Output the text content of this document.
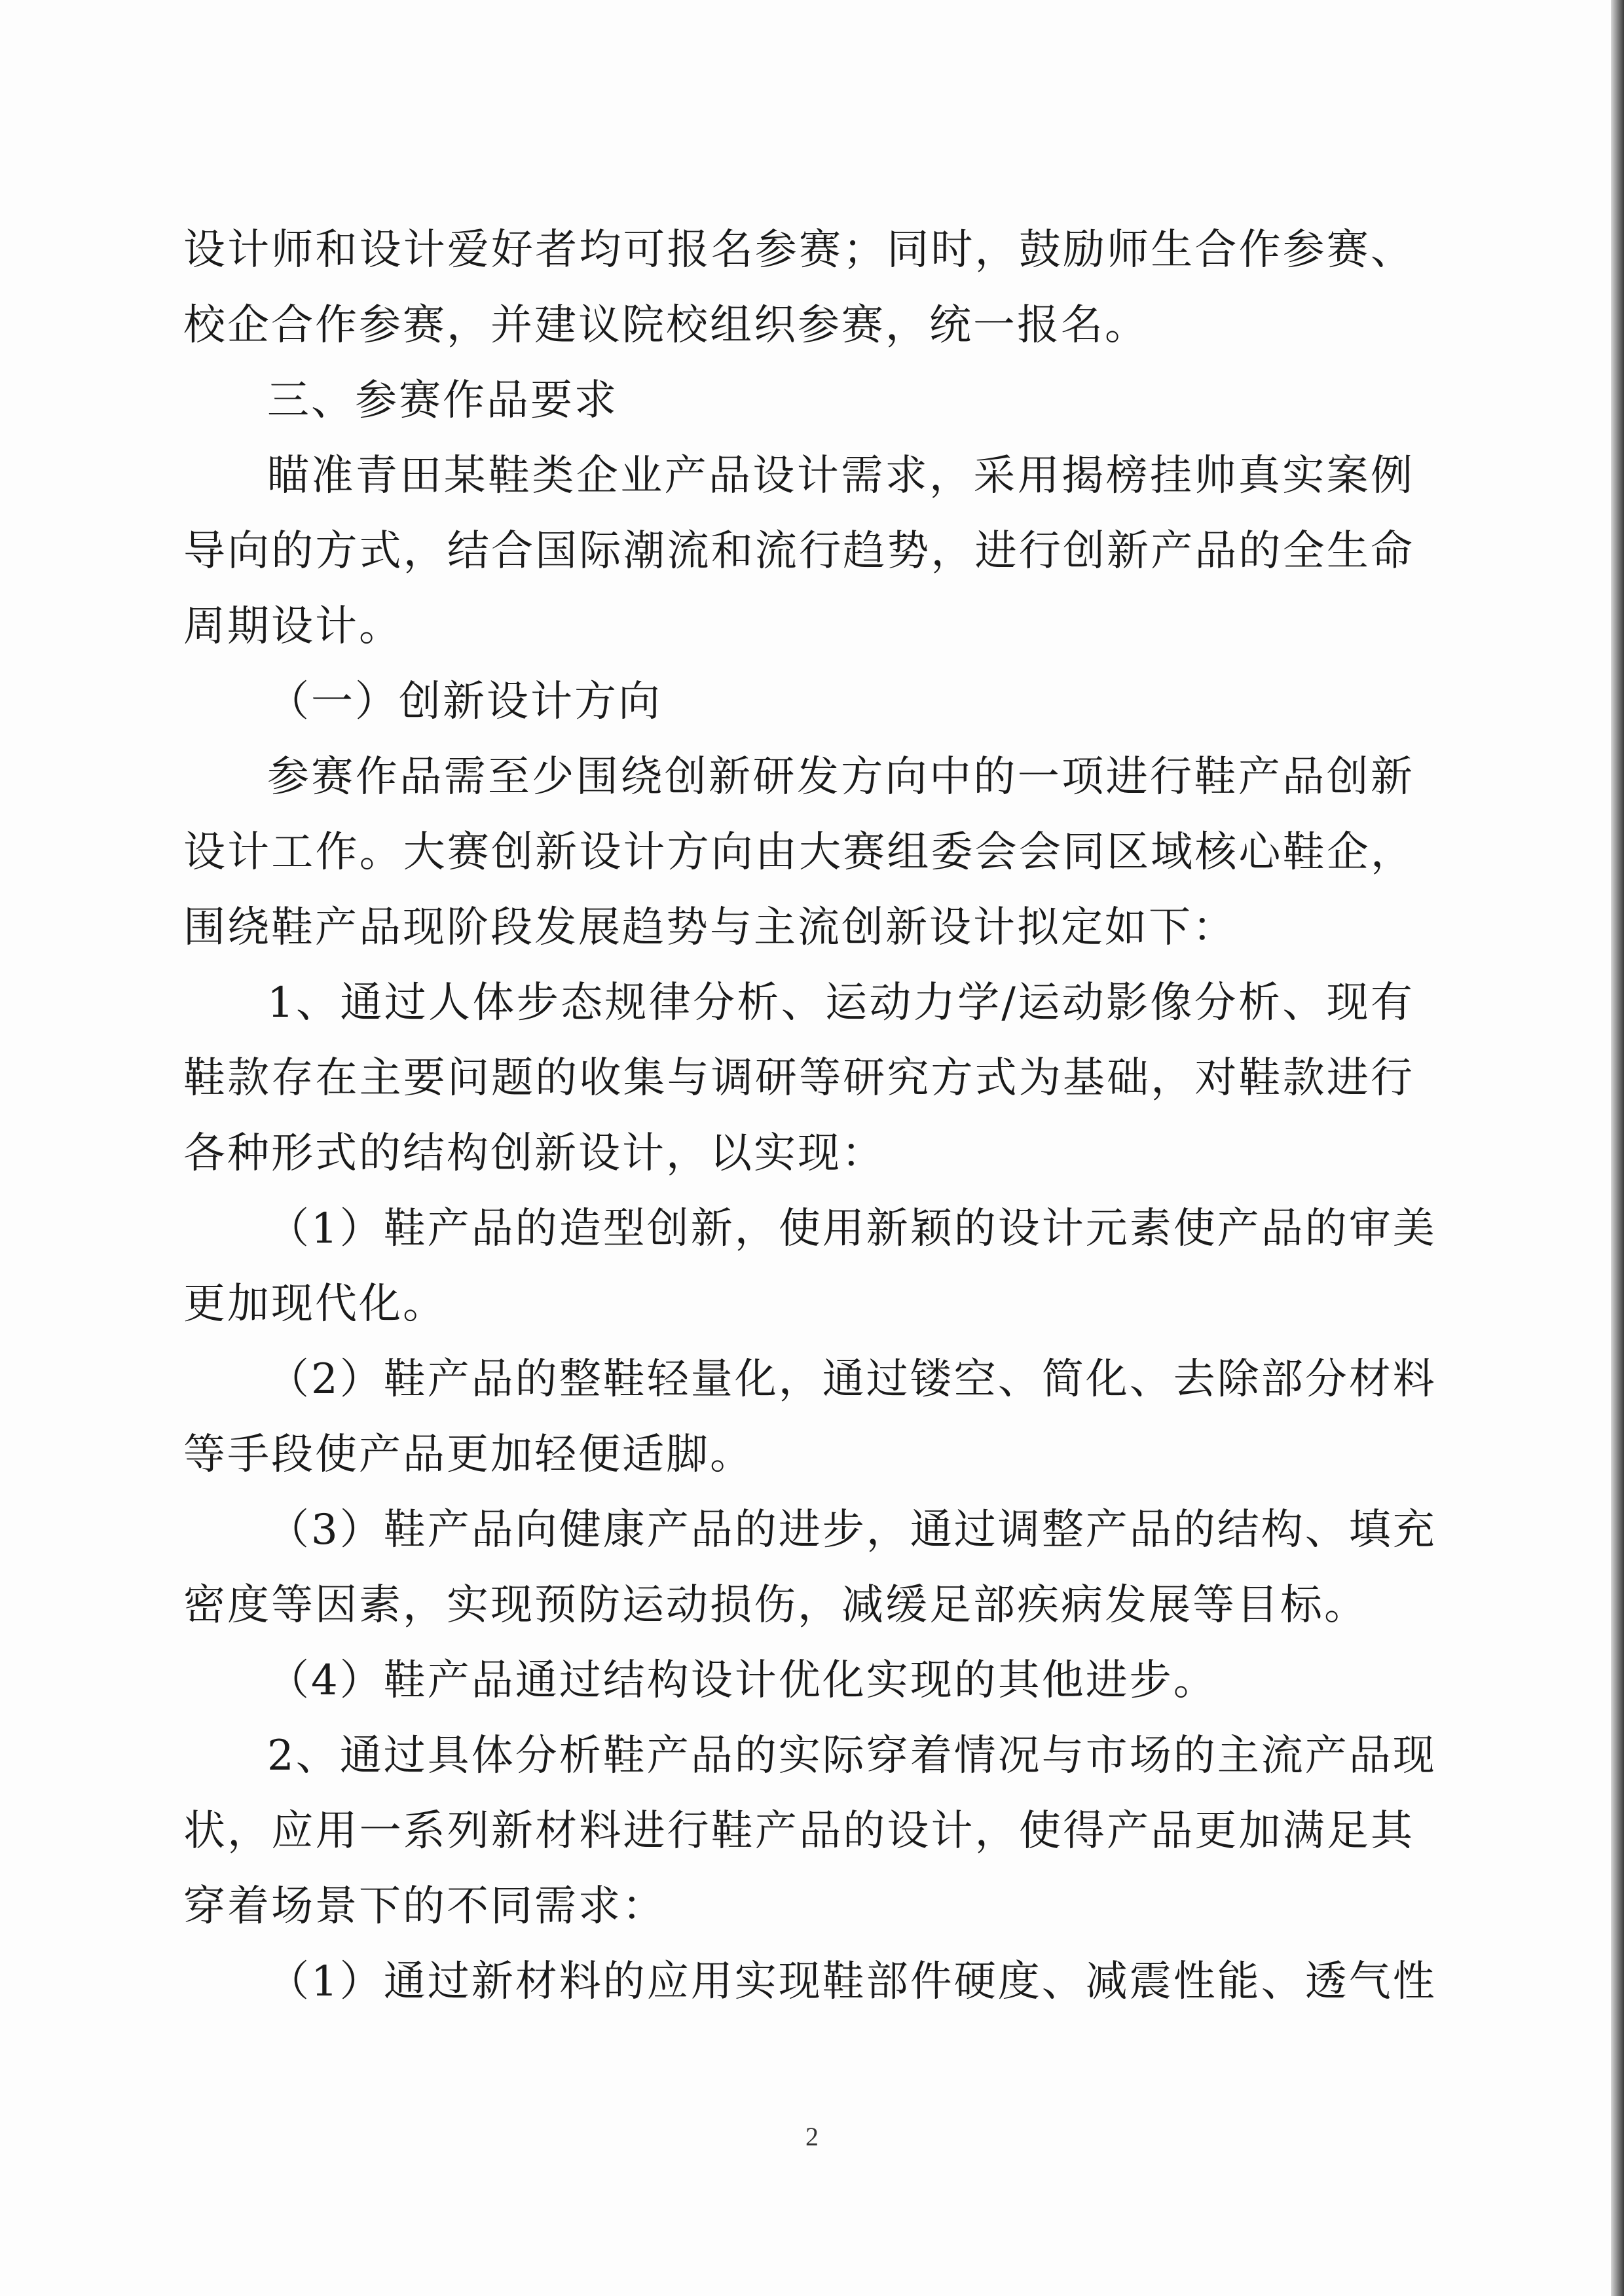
设计师和设计爱好者均可报名参赛；同时，鼓励师生合作参赛、
校企合作参赛，并建议院校组织参赛，统一报名。
三、参赛作品要求
瞄准青田某鞋类企业产品设计需求，采用揭榜挂帅真实案例
导向的方式，结合国际潮流和流行趋势，进行创新产品的全生命
周期设计。
（一）创新设计方向
参赛作品需至少围绕创新研发方向中的一项进行鞋产品创新
设计工作。大赛创新设计方向由大赛组委会会同区域核心鞋企，
围绕鞋产品现阶段发展趋势与主流创新设计拟定如下：
1、通过人体步态规律分析、运动力学/运动影像分析、现有
鞋款存在主要问题的收集与调研等研究方式为基础，对鞋款进行
各种形式的结构创新设计，以实现：
（1）鞋产品的造型创新，使用新颖的设计元素使产品的审美
更加现代化。
（2）鞋产品的整鞋轻量化，通过镂空、简化、去除部分材料
等手段使产品更加轻便适脚。
（3）鞋产品向健康产品的进步，通过调整产品的结构、填充
密度等因素，实现预防运动损伤，减缓足部疾病发展等目标。
（4）鞋产品通过结构设计优化实现的其他进步。
2、通过具体分析鞋产品的实际穿着情况与市场的主流产品现
状，应用一系列新材料进行鞋产品的设计，使得产品更加满足其
穿着场景下的不同需求：
（1）通过新材料的应用实现鞋部件硬度、减震性能、透气性
2
